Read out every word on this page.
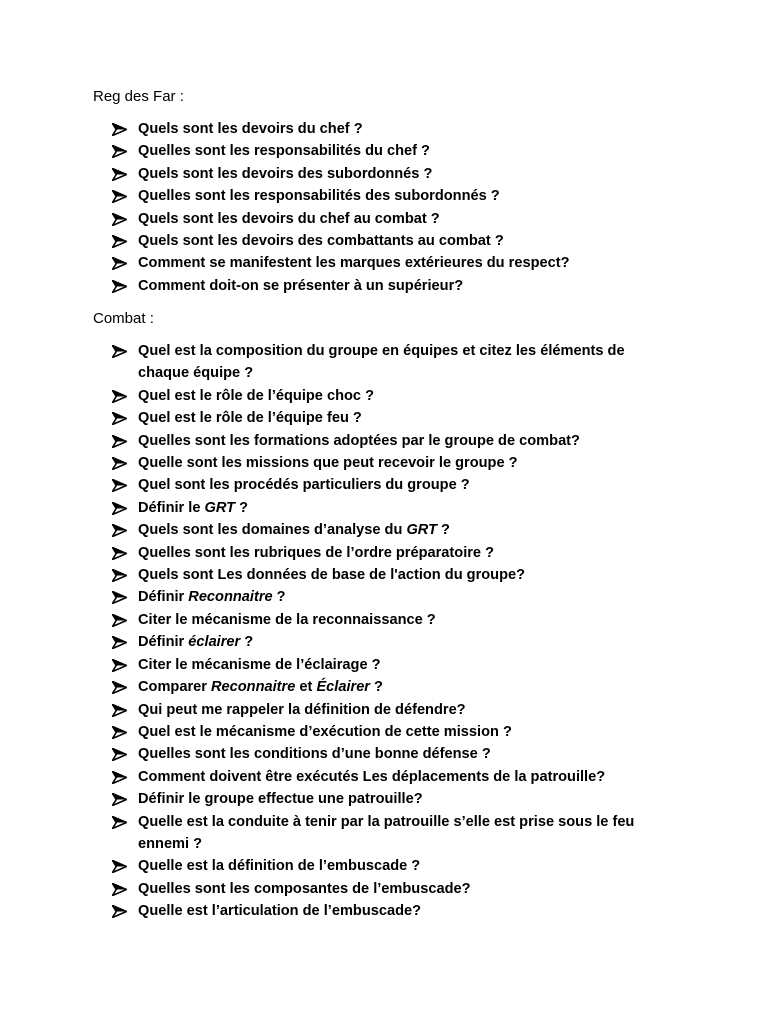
Reg des Far :
Quels sont les devoirs du chef ?
Quelles sont les responsabilités du chef ?
Quels sont les devoirs des subordonnés ?
Quelles sont les responsabilités des subordonnés ?
Quels sont les devoirs du chef au combat ?
Quels sont les devoirs des combattants au combat ?
Comment se manifestent les marques extérieures du respect?
Comment doit-on se présenter à un supérieur?
Combat :
Quel est la composition du groupe en équipes et citez les éléments de chaque équipe ?
Quel est le rôle de l’équipe choc ?
Quel est le rôle de l’équipe feu ?
Quelles sont les formations adoptées par le groupe de combat?
Quelle sont les missions que peut recevoir le groupe ?
Quel sont les procédés particuliers du groupe ?
Définir le GRT ?
Quels sont les domaines d’analyse du GRT ?
Quelles sont les rubriques de l’ordre préparatoire ?
Quels sont Les données de base de l'action du groupe?
Définir Reconnaitre ?
Citer le mécanisme de la reconnaissance ?
Définir éclairer ?
Citer le mécanisme de l’éclairage ?
Comparer Reconnaitre et Éclairer ?
Qui peut me rappeler la définition de défendre?
Quel est le mécanisme d’exécution de cette mission ?
Quelles sont les conditions d’une bonne défense ?
Comment doivent être exécutés Les déplacements de la patrouille?
Définir le groupe effectue une patrouille?
Quelle est la conduite à tenir par la patrouille s’elle est prise sous le feu ennemi ?
Quelle est la définition de l’embuscade ?
Quelles sont les composantes de l’embuscade?
Quelle est l’articulation de l’embuscade?
